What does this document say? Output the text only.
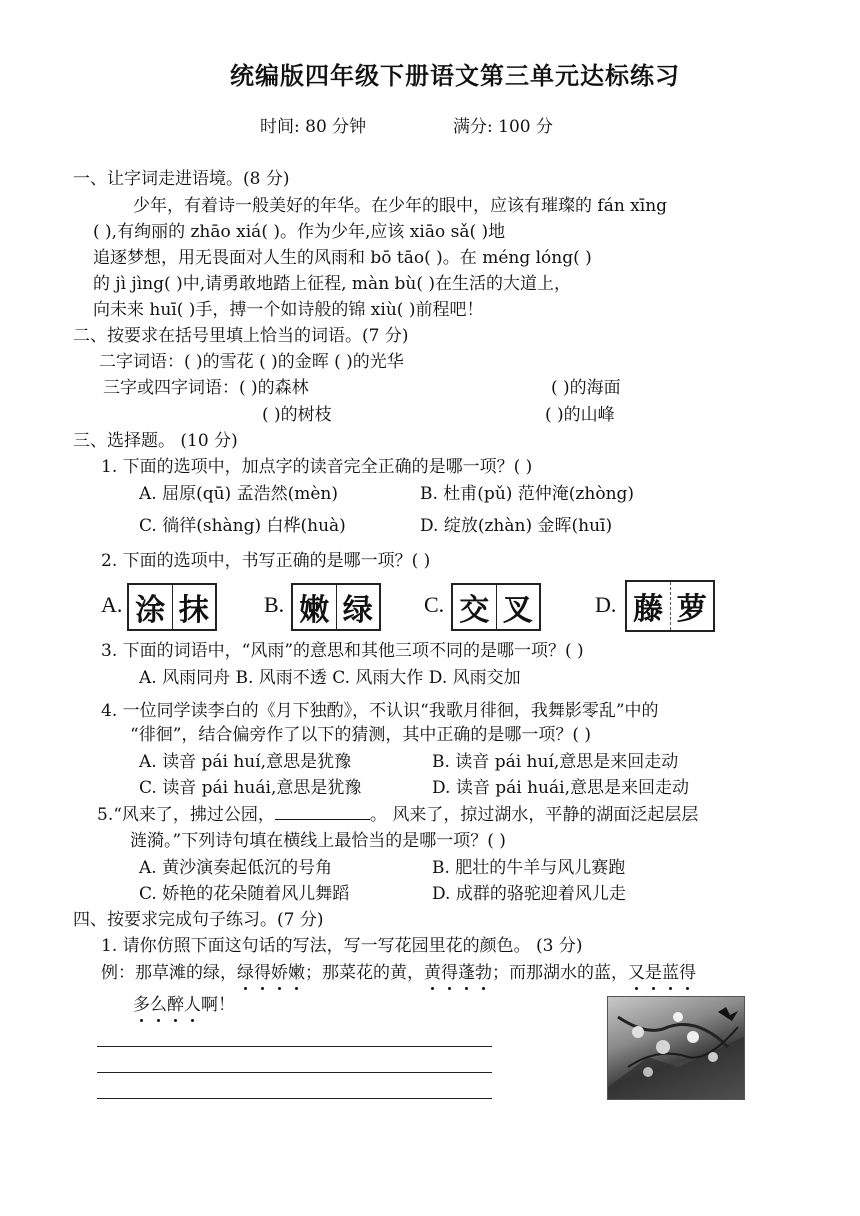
统编版四年级下册语文第三单元达标练习
时间: 80 分钟	满分: 100 分
一、让字词走进语境。(8 分)
少年，有着诗一般美好的年华。在少年的眼中，应该有璀璨的 fán xīng
( ),有绚丽的 zhāo xiá( )。作为少年,应该 xiāo sǎ( )地
追逐梦想，用无畏面对人生的风雨和 bō tāo( )。在 méng lóng( )
的 jì jìng( )中,请勇敢地踏上征程, màn bù( )在生活的大道上，
向未来 huī( )手，搏一个如诗般的锦 xiù( )前程吧！
二、按要求在括号里填上恰当的词语。(7 分)
二字词语：( )的雪花 ( )的金晖 ( )的光华
三字或四字词语：( )的森林	( )的海面
( )的树枝	( )的山峰
三、选择题。 (10 分)
1. 下面的选项中，加点字的读音完全正确的是哪一项？( )
A. 屈原(qū) 孟浩然(mèn)	B. 杜甫(pǔ) 范仲淹(zhòng)
C. 徜徉(shàng) 白桦(huà)	D. 绽放(zhàn) 金晖(huī)
2. 下面的选项中，书写正确的是哪一项？( )
A. 涂 抹	B. 嫩 绿 C. 交 叉	D. 藤 萝
3. 下面的词语中，“风雨”的意思和其他三项不同的是哪一项？( )
A. 风雨同舟 B. 风雨不透 C. 风雨大作 D. 风雨交加
4. 一位同学读李白的《月下独酌》，不认识“我歌月徘徊，我舞影零乱”中的
“徘徊”，结合偏旁作了以下的猜测，其中正确的是哪一项？( )
A. 读音 pái huí,意思是犹豫	B. 读音 pái huí,意思是来回走动
C. 读音 pái huái,意思是犹豫	D. 读音 pái huái,意思是来回走动
5.“风来了，拂过公园，	。 风来了，掠过湖水，平静的湖面泛起层层
涟漪。”下列诗句填在横线上最恰当的是哪一项？( )
A. 黄沙演奏起低沉的号角	B. 肥壮的牛羊与风儿赛跑
C. 娇艳的花朵随着风儿舞蹈	D. 成群的骆驼迎着风儿走
四、按要求完成句子练习。(7 分)
1. 请你仿照下面这句话的写法，写一写花园里花的颜色。 (3 分)
例：那草滩的绿，绿得娇嫩；那菜花的黄，黄得蓬勃；而那湖水的蓝，又是蓝得
多么醉人啊！
